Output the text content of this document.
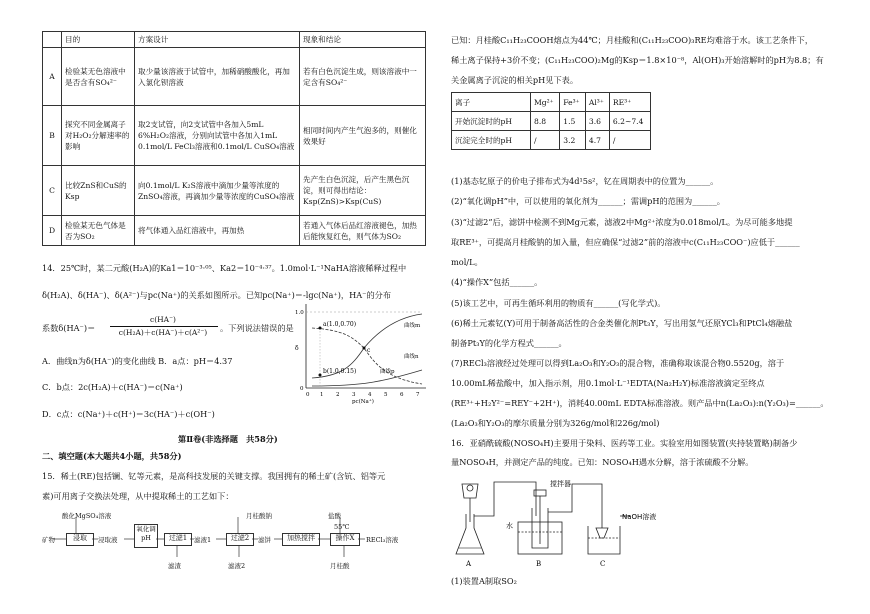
	目的	方案设计	现象和结论
A	检验某无色溶液中是否含有SO₄²⁻	取少量该溶液于试管中，加稀硝酸酸化，再加入氯化钡溶液	若有白色沉淀生成，则该溶液中一定含有SO₄²⁻
B	探究不同金属离子对H₂O₂分解速率的影响	取2支试管，向2支试管中各加入5mL 6%H₂O₂溶液，分别向试管中各加入1mL 0.1mol/L FeCl₃溶液和0.1mol/L CuSO₄溶液	相同时间内产生气泡多的，则催化效果好
C	比较ZnS和CuS的Ksp	向0.1mol/L K₂S溶液中滴加少量等浓度的ZnSO₄溶液，再滴加少量等浓度的CuSO₄溶液	先产生白色沉淀，后产生黑色沉淀，则可得出结论：Ksp(ZnS)>Ksp(CuS)
D	检验某无色气体是否为SO₂	将气体通入品红溶液中，再加热	若通入气体后品红溶液褪色，加热后能恢复红色，则气体为SO₂
14．25℃时，某二元酸(H₂A)的Ka1＝10⁻³·⁰⁵、Ka2＝10⁻⁴·³⁷。1.0mol·L⁻¹NaHA溶液稀释过程中
δ(H₂A)、δ(HA⁻)、δ(A²⁻)与pc(Na⁺)的关系如图所示。已知pc(Na⁺)＝-lgc(Na⁺)，HA⁻的分布
系数δ(HA⁻)＝
c(HA⁻)
c(H₂A)＋c(HA⁻)＋c(A²⁻)	。下列说法错误的是
A．曲线n为δ(HA⁻)的变化曲线 B．a点：pH＝4.37
C．b点：2c(H₂A)＋c(HA⁻)＝c(Na⁺)
D．c点：c(Na⁺)＋c(H⁺)＝3c(HA⁻)＋c(OH⁻)
a(1.0,0.70)
b(1.0,0.15)
c
曲线m
曲线n
曲线p
1.0
0
δ
0 1 2 3 4 5 6 7
pc(Na⁺)
第Ⅱ卷(非选择题　共58分)
二、填空题(本大题共4小题，共58分)
15．稀土(RE)包括镧、钇等元素，是高科技发展的关键支撑。我国拥有的稀土矿(含钪、铝等元
素)可用离子交换法处理，从中提取稀土的工艺如下：
酸化MgSO₄溶液	月桂酸钠	盐酸
55℃
矿物	浸取	浸取液
氧化调pH	过滤1	滤液1	过滤2	滤饼	加热搅拌	操作X	RECl₃溶液
滤渣	滤液2	月桂酸
已知：月桂酸C₁₁H₂₃COOH熔点为44℃；月桂酸和(C₁₁H₂₃COO)₃RE均难溶于水。该工艺条件下，
稀土离子保持+3价不变；(C₁₁H₂₃COO)₂Mg的Ksp＝1.8×10⁻⁸，Al(OH)₃开始溶解时的pH为8.8；有
关金属离子沉淀的相关pH见下表。
离子	Mg²⁺	Fe³⁺	Al³⁺	RE³⁺
开始沉淀时的pH	8.8	1.5	3.6	6.2~7.4
沉淀完全时的pH	/	3.2	4.7	/
(1)基态钇原子的价电子排布式为4d¹5s²，钇在周期表中的位置为______。
(2)“氧化调pH”中，可以使用的氧化剂为______；需调pH的范围为______。
(3)“过滤2”后，滤饼中检测不到Mg元素，滤液2中Mg²⁺浓度为0.018mol/L。为尽可能多地提
取RE³⁺，可提高月桂酸钠的加入量，但应确保“过滤2”前的溶液中c(C₁₁H₂₃COO⁻)应低于______
mol/L。
(4)“操作X”包括______。
(5)该工艺中，可再生循环利用的物质有______(写化学式)。
(6)稀土元素钇(Y)可用于制备高活性的合金类催化剂Pt₃Y，写出用氢气还原YCl₃和PtCl₄熔融盐
制备Pt₃Y的化学方程式______。
(7)RECl₃溶液经过处理可以得到La₂O₃和Y₂O₃的混合物，准确称取该混合物0.5520g，溶于
10.00mL稀盐酸中，加入指示剂，用0.1mol·L⁻¹EDTA(Na₂H₂Y)标准溶液滴定至终点
(RE³⁺+H₂Y²⁻=REY⁻+2H⁺)，消耗40.00mL EDTA标准溶液。则产品中n(La₂O₃):n(Y₂O₃)=______。
(La₂O₃和Y₂O₃的摩尔质量分别为326g/mol和226g/mol)
16．亚硝酰硫酸(NOSO₄H)主要用于染料、医药等工业。实验室用如图装置(夹持装置略)制备少
量NOSO₄H，并测定产品的纯度。已知：NOSO₄H遇水分解，溶于浓硫酸不分解。
搅拌器
水
NaOH溶液
A	B	C
(1)装置A制取SO₂
